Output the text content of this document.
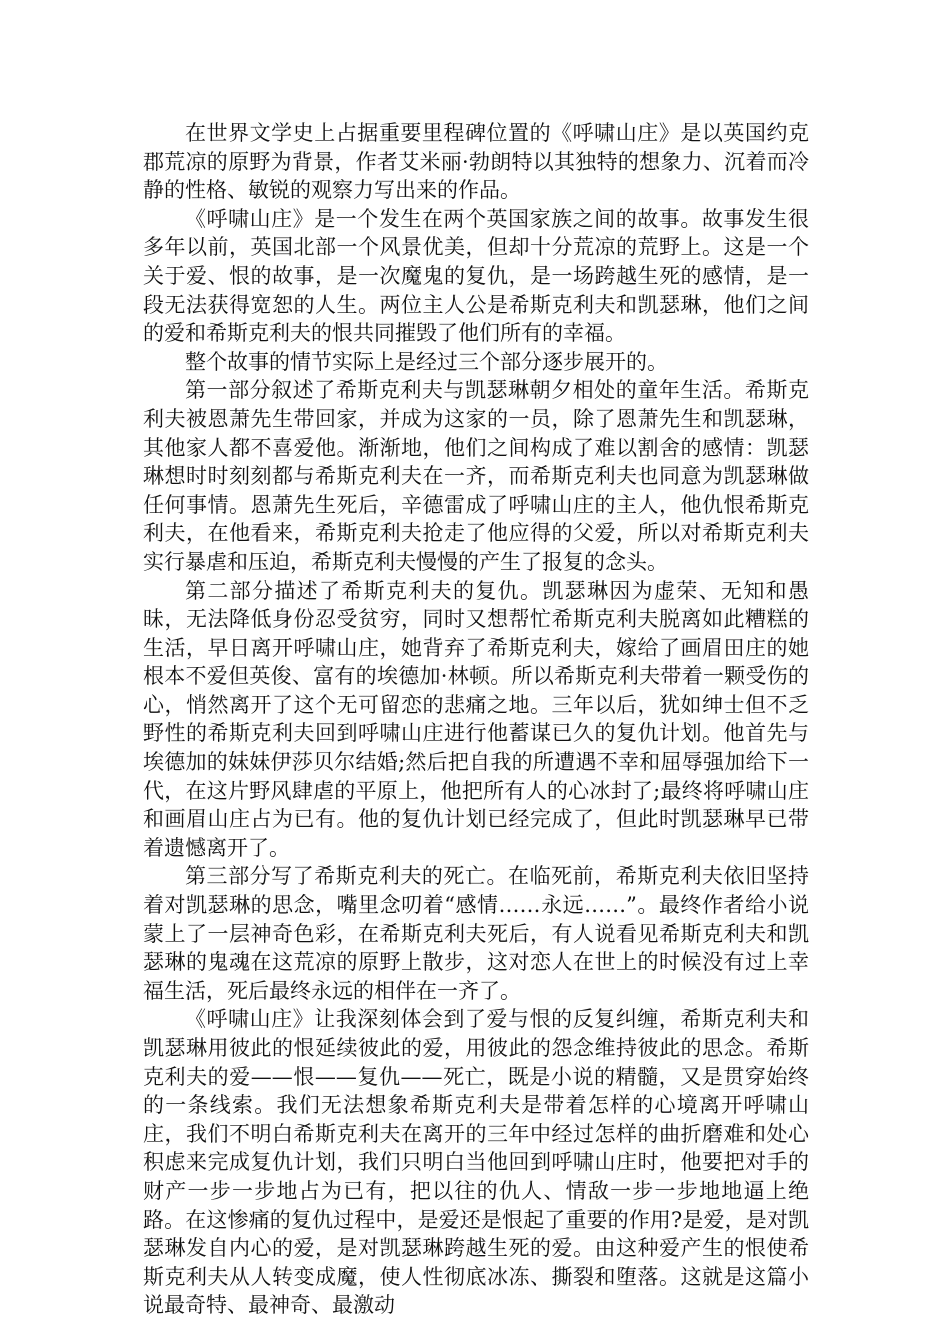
在世界文学史上占据重要里程碑位置的《呼啸山庄》是以英国约克郡荒凉的原野为背景，作者艾米丽·勃朗特以其独特的想象力、沉着而冷静的性格、敏锐的观察力写出来的作品。

《呼啸山庄》是一个发生在两个英国家族之间的故事。故事发生很多年以前，英国北部一个风景优美，但却十分荒凉的荒野上。这是一个关于爱、恨的故事，是一次魔鬼的复仇，是一场跨越生死的感情，是一段无法获得宽恕的人生。两位主人公是希斯克利夫和凯瑟琳，他们之间的爱和希斯克利夫的恨共同摧毁了他们所有的幸福。

整个故事的情节实际上是经过三个部分逐步展开的。

第一部分叙述了希斯克利夫与凯瑟琳朝夕相处的童年生活。希斯克利夫被恩萧先生带回家，并成为这家的一员，除了恩萧先生和凯瑟琳，其他家人都不喜爱他。渐渐地，他们之间构成了难以割舍的感情：凯瑟琳想时时刻刻都与希斯克利夫在一齐，而希斯克利夫也同意为凯瑟琳做任何事情。恩萧先生死后，辛德雷成了呼啸山庄的主人，他仇恨希斯克利夫，在他看来，希斯克利夫抢走了他应得的父爱，所以对希斯克利夫实行暴虐和压迫，希斯克利夫慢慢的产生了报复的念头。

第二部分描述了希斯克利夫的复仇。凯瑟琳因为虚荣、无知和愚昧，无法降低身份忍受贫穷，同时又想帮忙希斯克利夫脱离如此糟糕的生活，早日离开呼啸山庄，她背弃了希斯克利夫，嫁给了画眉田庄的她根本不爱但英俊、富有的埃德加·林顿。所以希斯克利夫带着一颗受伤的心，悄然离开了这个无可留恋的悲痛之地。三年以后，犹如绅士但不乏野性的希斯克利夫回到呼啸山庄进行他蓄谋已久的复仇计划。他首先与埃德加的妹妹伊莎贝尔结婚;然后把自我的所遭遇不幸和屈辱强加给下一代，在这片野风肆虐的平原上，他把所有人的心冰封了;最终将呼啸山庄和画眉山庄占为已有。他的复仇计划已经完成了，但此时凯瑟琳早已带着遗憾离开了。

第三部分写了希斯克利夫的死亡。在临死前，希斯克利夫依旧坚持着对凯瑟琳的思念，嘴里念叨着“感情……永远……”。最终作者给小说蒙上了一层神奇色彩，在希斯克利夫死后，有人说看见希斯克利夫和凯瑟琳的鬼魂在这荒凉的原野上散步，这对恋人在世上的时候没有过上幸福生活，死后最终永远的相伴在一齐了。

《呼啸山庄》让我深刻体会到了爱与恨的反复纠缠，希斯克利夫和凯瑟琳用彼此的恨延续彼此的爱，用彼此的怨念维持彼此的思念。希斯克利夫的爱——恨——复仇——死亡，既是小说的精髓，又是贯穿始终的一条线索。我们无法想象希斯克利夫是带着怎样的心境离开呼啸山庄，我们不明白希斯克利夫在离开的三年中经过怎样的曲折磨难和处心积虑来完成复仇计划，我们只明白当他回到呼啸山庄时，他要把对手的财产一步一步地占为已有，把以往的仇人、情敌一步一步地地逼上绝路。在这惨痛的复仇过程中，是爱还是恨起了重要的作用?是爱，是对凯瑟琳发自内心的爱，是对凯瑟琳跨越生死的爱。由这种爱产生的恨使希斯克利夫从人转变成魔，使人性彻底冰冻、撕裂和堕落。这就是这篇小说最奇特、最神奇、最激动
